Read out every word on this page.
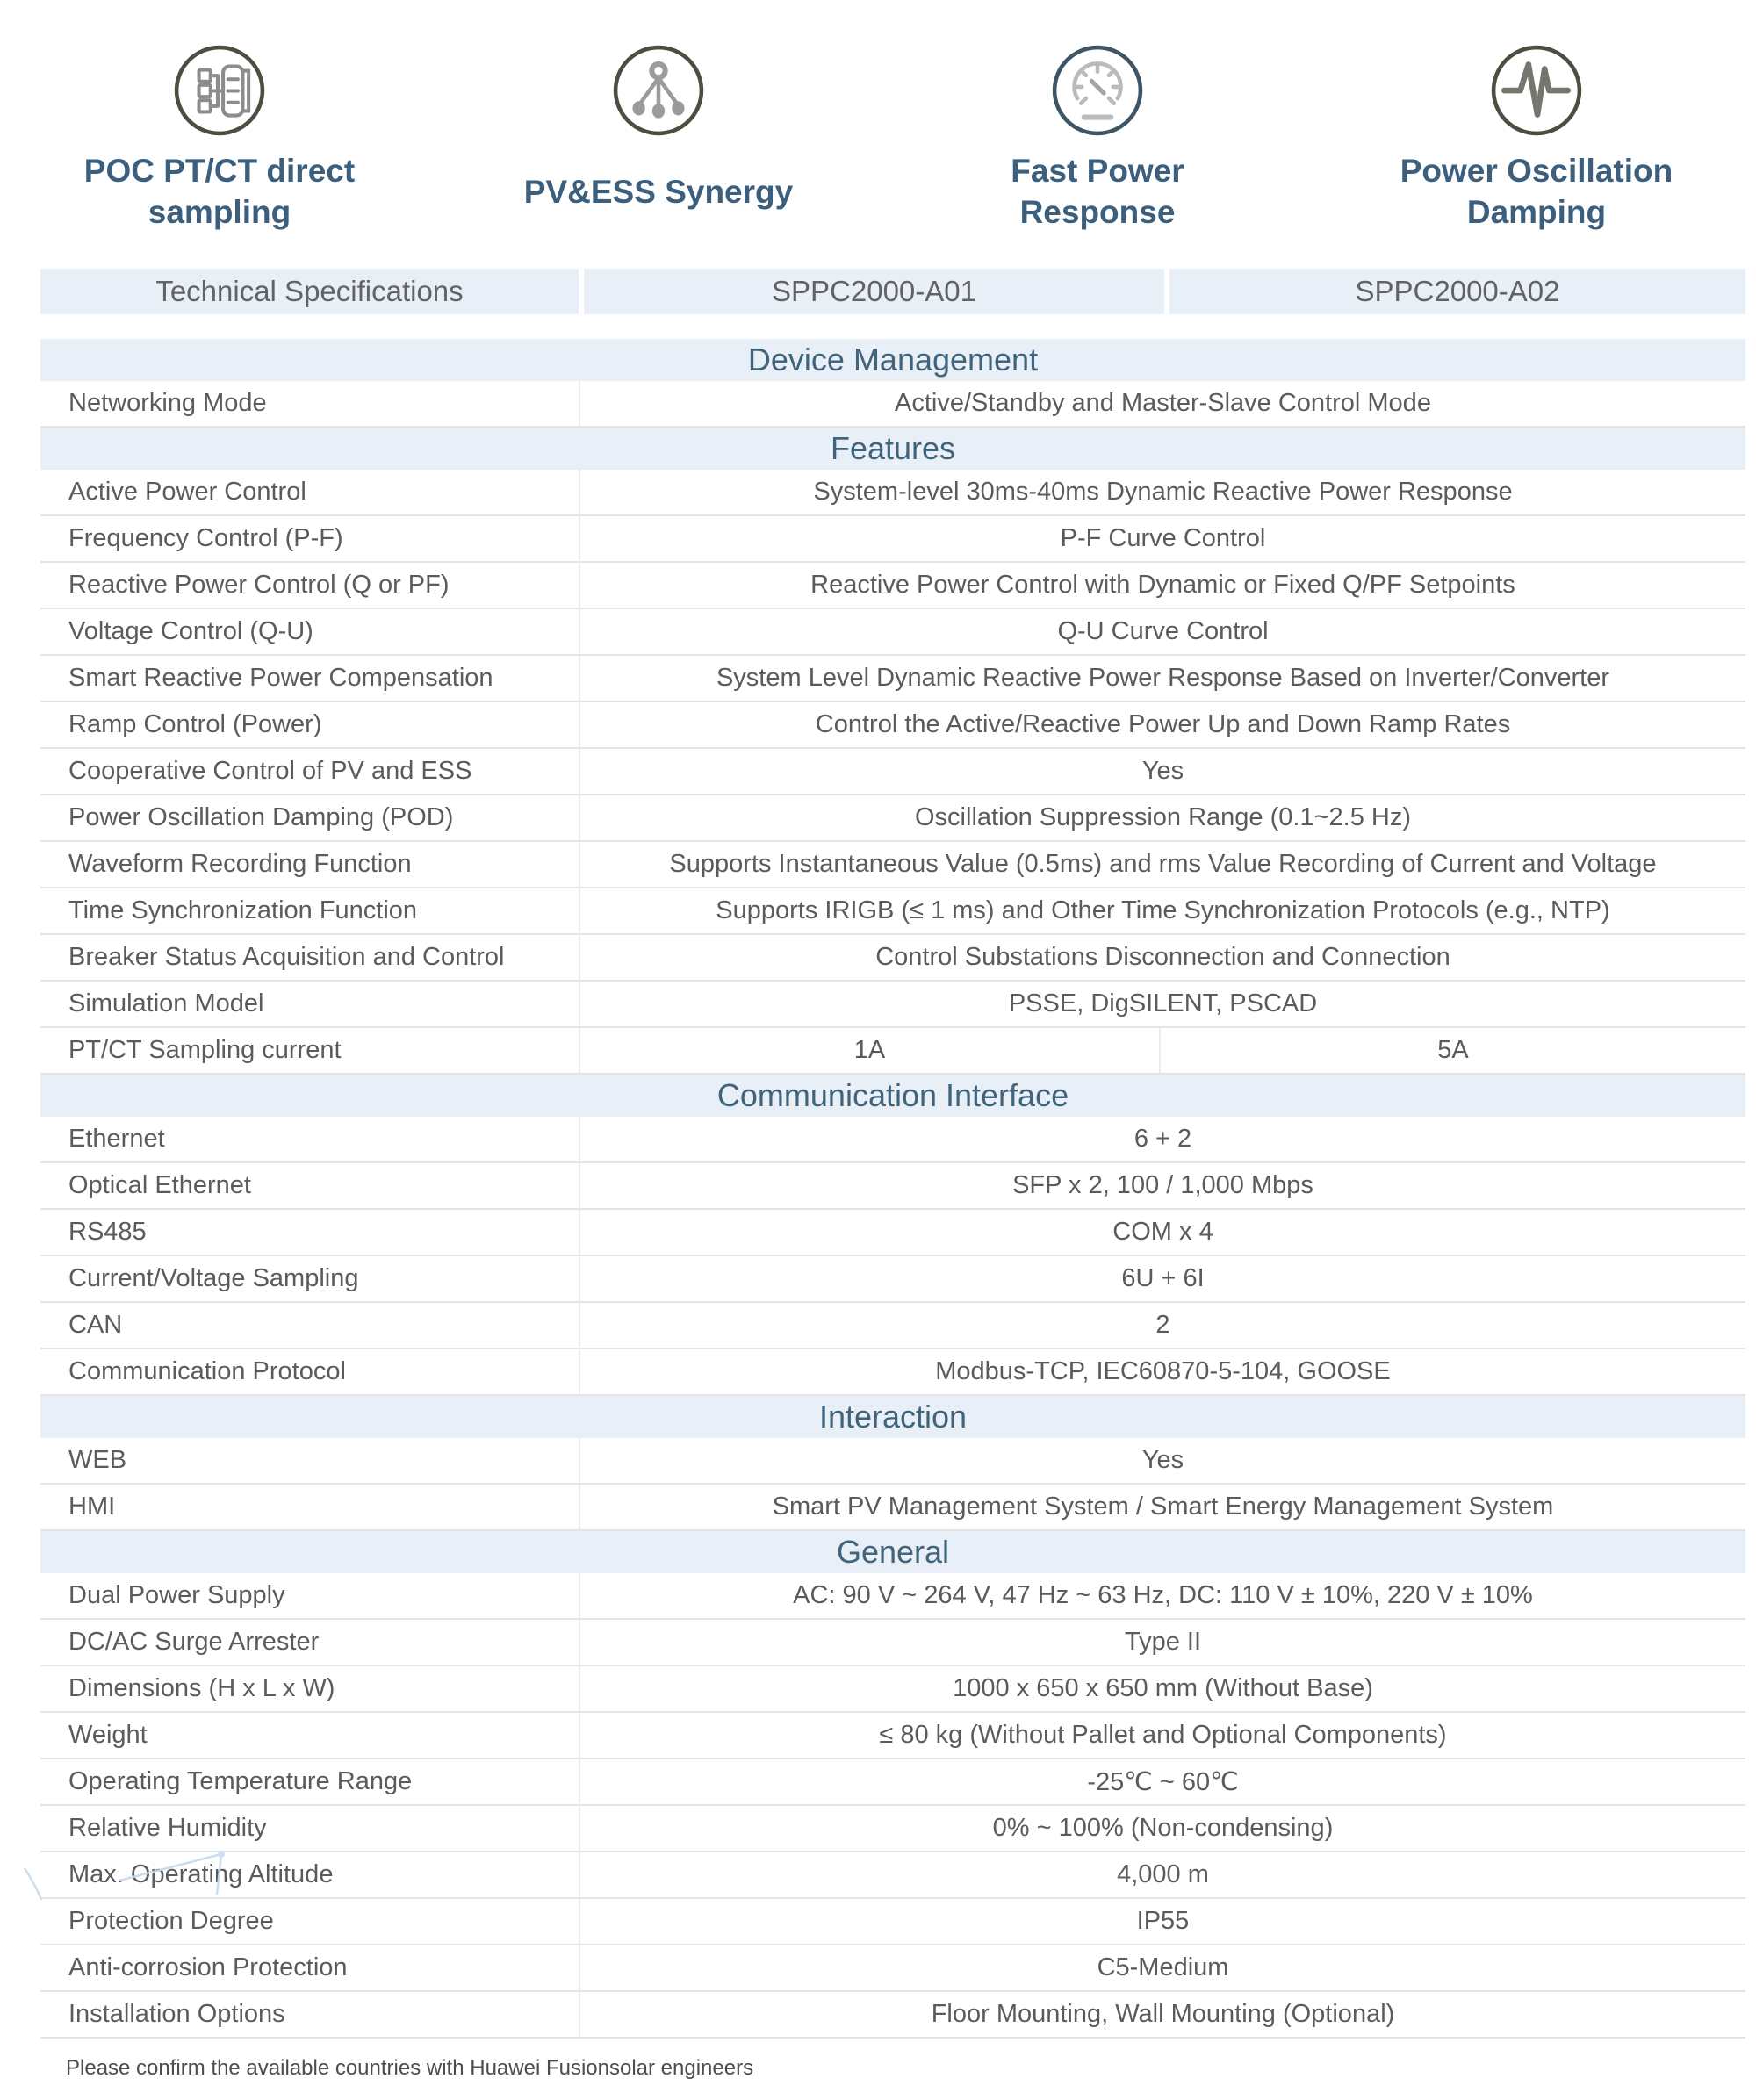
POC PT/CT direct sampling
PV&ESS Synergy
Fast Power Response
Power Oscillation Damping
Technical Specifications	SPPC2000-A01	SPPC2000-A02
Device Management
Networking Mode	Active/Standby and Master-Slave Control Mode
Features
Active Power Control	System-level 30ms-40ms Dynamic Reactive Power Response
Frequency Control (P-F)	P-F Curve Control
Reactive Power Control (Q or PF)	Reactive Power Control with Dynamic or Fixed Q/PF Setpoints
Voltage Control (Q-U)	Q-U Curve Control
Smart Reactive Power Compensation	System Level Dynamic Reactive Power Response Based on Inverter/Converter
Ramp Control (Power)	Control the Active/Reactive Power Up and Down Ramp Rates
Cooperative Control of PV and ESS	Yes
Power Oscillation Damping (POD)	Oscillation Suppression Range (0.1~2.5 Hz)
Waveform Recording Function	Supports Instantaneous Value (0.5ms) and rms Value Recording of Current and Voltage
Time Synchronization Function	Supports IRIGB (≤ 1 ms) and Other Time Synchronization Protocols (e.g., NTP)
Breaker Status Acquisition and Control	Control Substations Disconnection and Connection
Simulation Model	PSSE, DigSILENT, PSCAD
PT/CT Sampling current	1A	5A
Communication Interface
Ethernet	6 + 2
Optical Ethernet	SFP x 2, 100 / 1,000 Mbps
RS485	COM x 4
Current/Voltage Sampling	6U + 6I
CAN	2
Communication Protocol	Modbus-TCP, IEC60870-5-104, GOOSE
Interaction
WEB	Yes
HMI	Smart PV Management System / Smart Energy Management System
General
Dual Power Supply	AC: 90 V ~ 264 V, 47 Hz ~ 63 Hz, DC: 110 V ± 10%, 220 V ± 10%
DC/AC Surge Arrester	Type II
Dimensions (H x L x W)	1000 x 650 x 650 mm (Without Base)
Weight	≤ 80 kg (Without Pallet and Optional Components)
Operating Temperature Range	-25℃ ~ 60℃
Relative Humidity	0% ~ 100% (Non-condensing)
Max. Operating Altitude	4,000 m
Protection Degree	IP55
Anti-corrosion Protection	C5-Medium
Installation Options	Floor Mounting, Wall Mounting (Optional)

Please confirm the available countries with Huawei Fusionsolar engineers
